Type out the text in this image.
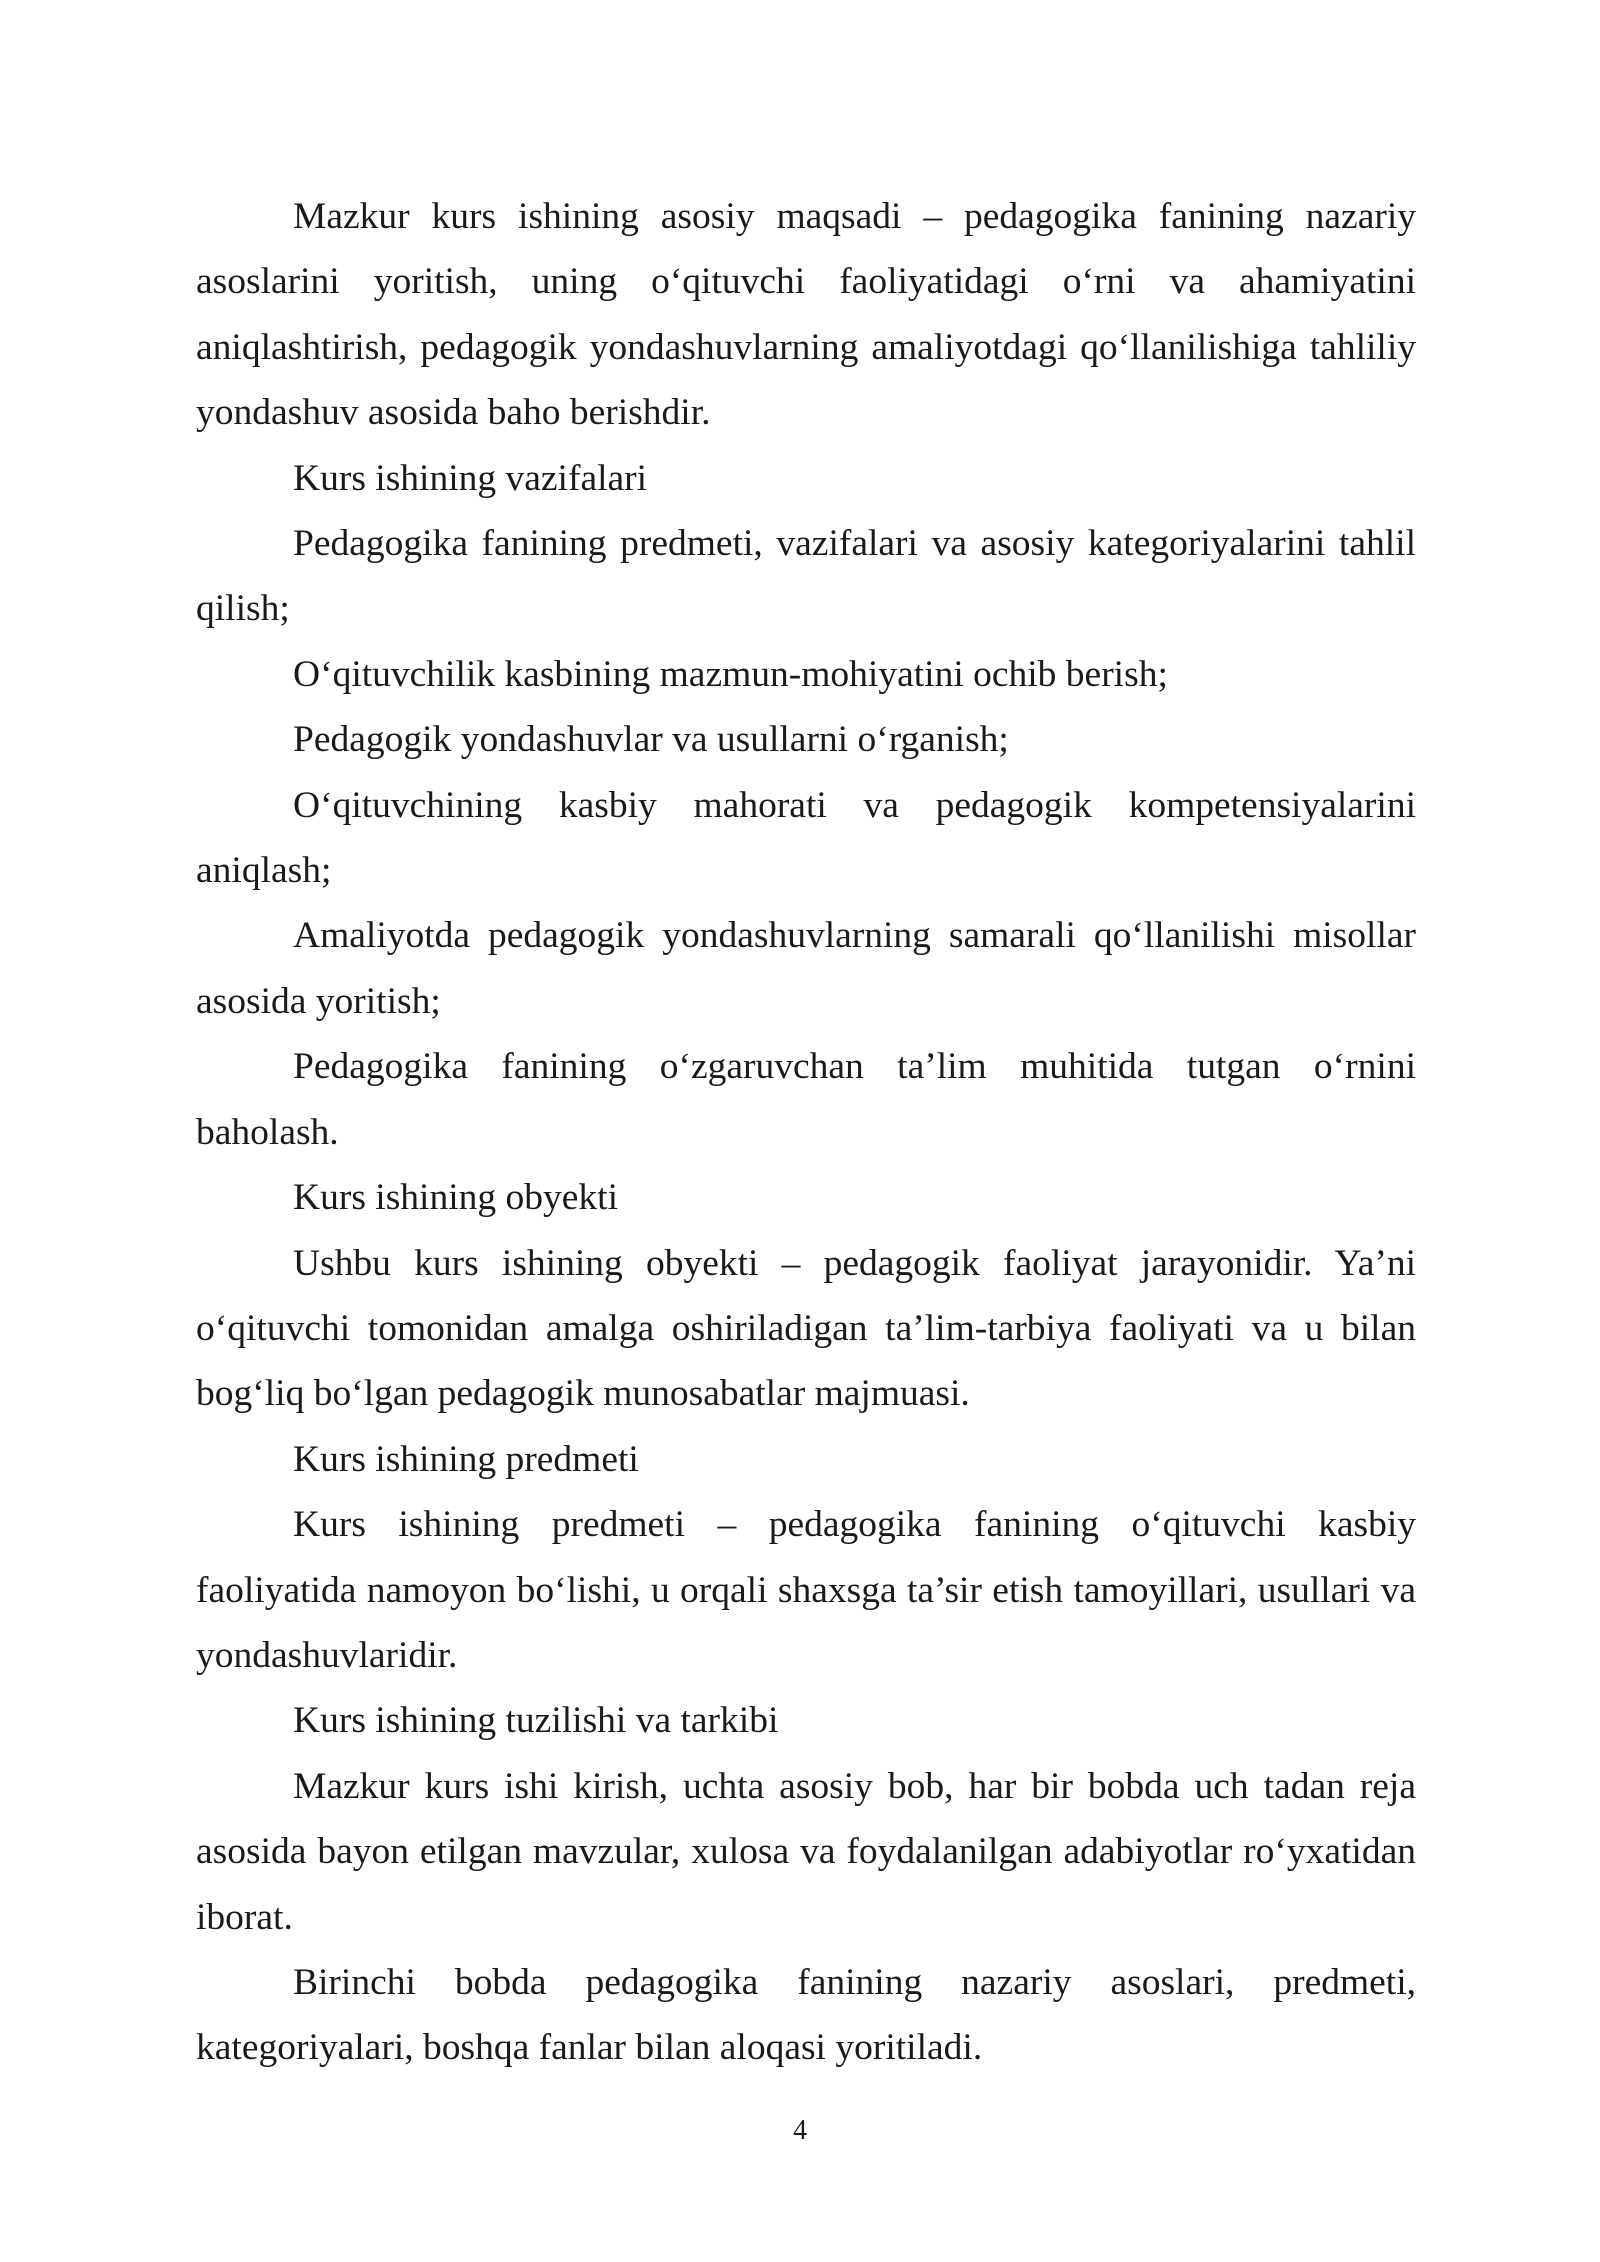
Mazkur kurs ishining asosiy maqsadi – pedagogika fanining nazariy asoslarini yoritish, uning o‘qituvchi faoliyatidagi o‘rni va ahamiyatini aniqlashtirish, pedagogik yondashuvlarning amaliyotdagi qo‘llanilishiga tahliliy yondashuv asosida baho berishdir.

Kurs ishining vazifalari

Pedagogika fanining predmeti, vazifalari va asosiy kategoriyalarini tahlil qilish;

O‘qituvchilik kasbining mazmun-mohiyatini ochib berish;

Pedagogik yondashuvlar va usullarni o‘rganish;

O‘qituvchining kasbiy mahorati va pedagogik kompetensiyalarini aniqlash;

Amaliyotda pedagogik yondashuvlarning samarali qo‘llanilishi misollar asosida yoritish;

Pedagogika fanining o‘zgaruvchan ta’lim muhitida tutgan o‘rnini baholash.

Kurs ishining obyekti

Ushbu kurs ishining obyekti – pedagogik faoliyat jarayonidir. Ya’ni o‘qituvchi tomonidan amalga oshiriladigan ta’lim-tarbiya faoliyati va u bilan bog‘liq bo‘lgan pedagogik munosabatlar majmuasi.

Kurs ishining predmeti

Kurs ishining predmeti – pedagogika fanining o‘qituvchi kasbiy faoliyatida namoyon bo‘lishi, u orqali shaxsga ta’sir etish tamoyillari, usullari va yondashuvlaridir.

Kurs ishining tuzilishi va tarkibi

Mazkur kurs ishi kirish, uchta asosiy bob, har bir bobda uch tadan reja asosida bayon etilgan mavzular, xulosa va foydalanilgan adabiyotlar ro‘yxatidan iborat.

Birinchi bobda pedagogika fanining nazariy asoslari, predmeti, kategoriyalari, boshqa fanlar bilan aloqasi yoritiladi.

4
